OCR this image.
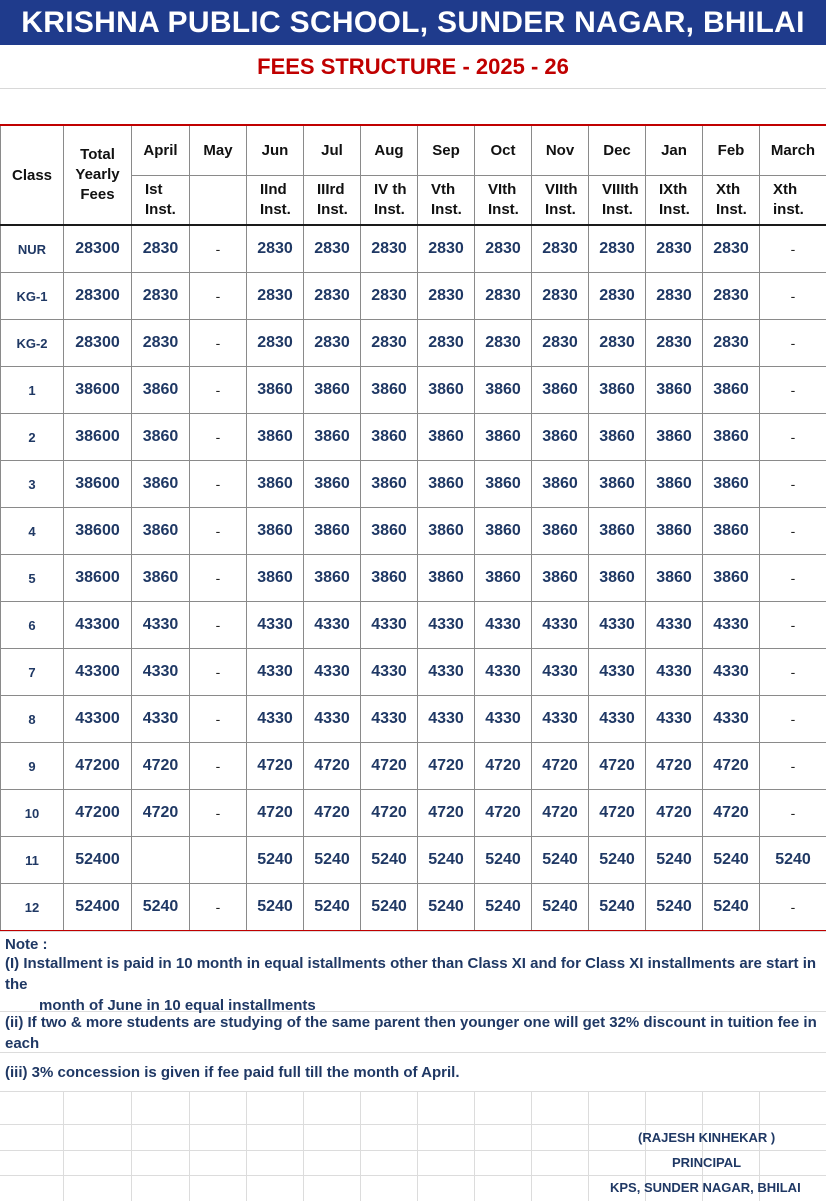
KRISHNA PUBLIC SCHOOL, SUNDER NAGAR, BHILAI
FEES STRUCTURE - 2025 - 26
Class	Total Yearly Fees	April	May	Jun	Jul	Aug	Sep	Oct	Nov	Dec	Jan	Feb	March
		Ist Inst.		IInd Inst.	IIIrd Inst.	IV th Inst.	Vth Inst.	VIth Inst.	VIIth Inst.	VIIIth Inst.	IXth Inst.	Xth Inst.	Xth inst.
NUR	28300	2830	-	2830	2830	2830	2830	2830	2830	2830	2830	2830	-
KG-1	28300	2830	-	2830	2830	2830	2830	2830	2830	2830	2830	2830	-
KG-2	28300	2830	-	2830	2830	2830	2830	2830	2830	2830	2830	2830	-
1	38600	3860	-	3860	3860	3860	3860	3860	3860	3860	3860	3860	-
2	38600	3860	-	3860	3860	3860	3860	3860	3860	3860	3860	3860	-
3	38600	3860	-	3860	3860	3860	3860	3860	3860	3860	3860	3860	-
4	38600	3860	-	3860	3860	3860	3860	3860	3860	3860	3860	3860	-
5	38600	3860	-	3860	3860	3860	3860	3860	3860	3860	3860	3860	-
6	43300	4330	-	4330	4330	4330	4330	4330	4330	4330	4330	4330	-
7	43300	4330	-	4330	4330	4330	4330	4330	4330	4330	4330	4330	-
8	43300	4330	-	4330	4330	4330	4330	4330	4330	4330	4330	4330	-
9	47200	4720	-	4720	4720	4720	4720	4720	4720	4720	4720	4720	-
10	47200	4720	-	4720	4720	4720	4720	4720	4720	4720	4720	4720	-
11	52400			5240	5240	5240	5240	5240	5240	5240	5240	5240	5240
12	52400	5240	-	5240	5240	5240	5240	5240	5240	5240	5240	5240	-
Note :
(I) Installment is paid in 10 month in equal istallments other than Class XI and for Class XI installments are start in the
month of June in 10 equal installments
(ii) If two & more students are studying of the same parent then younger one will get 32% discount in tuition fee in each
(iii) 3% concession is given if fee paid full till the month of April.
(RAJESH KINHEKAR )
PRINCIPAL
KPS, SUNDER NAGAR, BHILAI
